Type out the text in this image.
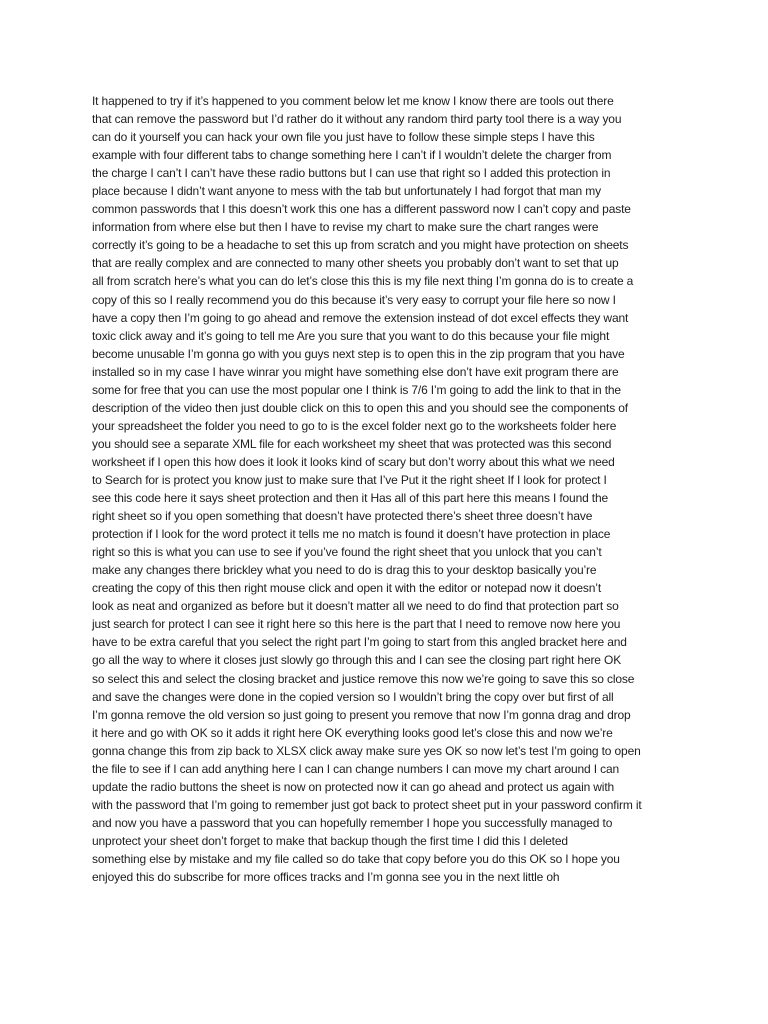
It happened to try if it’s happened to you comment below let me know I know there are tools out there
that can remove the password but I’d rather do it without any random third party tool there is a way you
can do it yourself you can hack your own file you just have to follow these simple steps I have this
example with four different tabs to change something here I can’t if I wouldn’t delete the charger from
the charge I can’t I can’t have these radio buttons but I can use that right so I added this protection in
place because I didn’t want anyone to mess with the tab but unfortunately I had forgot that man my
common passwords that I this doesn’t work this one has a different password now I can’t copy and paste
information from where else but then I have to revise my chart to make sure the chart ranges were
correctly it’s going to be a headache to set this up from scratch and you might have protection on sheets
that are really complex and are connected to many other sheets you probably don’t want to set that up
all from scratch here’s what you can do let’s close this this is my file next thing I’m gonna do is to create a
copy of this so I really recommend you do this because it’s very easy to corrupt your file here so now I
have a copy then I’m going to go ahead and remove the extension instead of dot excel effects they want
toxic click away and it’s going to tell me Are you sure that you want to do this because your file might
become unusable I’m gonna go with you guys next step is to open this in the zip program that you have
installed so in my case I have winrar you might have something else don’t have exit program there are
some for free that you can use the most popular one I think is 7/6 I’m going to add the link to that in the
description of the video then just double click on this to open this and you should see the components of
your spreadsheet the folder you need to go to is the excel folder next go to the worksheets folder here
you should see a separate XML file for each worksheet my sheet that was protected was this second
worksheet if I open this how does it look it looks kind of scary but don’t worry about this what we need
to Search for is protect you know just to make sure that I’ve Put it the right sheet If I look for protect I
see this code here it says sheet protection and then it Has all of this part here this means I found the
right sheet so if you open something that doesn’t have protected there’s sheet three doesn’t have
protection if I look for the word protect it tells me no match is found it doesn’t have protection in place
right so this is what you can use to see if you’ve found the right sheet that you unlock that you can’t
make any changes there brickley what you need to do is drag this to your desktop basically you’re
creating the copy of this then right mouse click and open it with the editor or notepad now it doesn’t
look as neat and organized as before but it doesn’t matter all we need to do find that protection part so
just search for protect I can see it right here so this here is the part that I need to remove now here you
have to be extra careful that you select the right part I’m going to start from this angled bracket here and
go all the way to where it closes just slowly go through this and I can see the closing part right here OK
so select this and select the closing bracket and justice remove this now we’re going to save this so close
and save the changes were done in the copied version so I wouldn’t bring the copy over but first of all
I’m gonna remove the old version so just going to present you remove that now I’m gonna drag and drop
it here and go with OK so it adds it right here OK everything looks good let’s close this and now we’re
gonna change this from zip back to XLSX click away make sure yes OK so now let’s test I’m going to open
the file to see if I can add anything here I can I can change numbers I can move my chart around I can
update the radio buttons the sheet is now on protected now it can go ahead and protect us again with
with the password that I’m going to remember just got back to protect sheet put in your password confirm it
and now you have a password that you can hopefully remember I hope you successfully managed to
unprotect your sheet don’t forget to make that backup though the first time I did this I deleted
something else by mistake and my file called so do take that copy before you do this OK so I hope you
enjoyed this do subscribe for more offices tracks and I’m gonna see you in the next little oh
